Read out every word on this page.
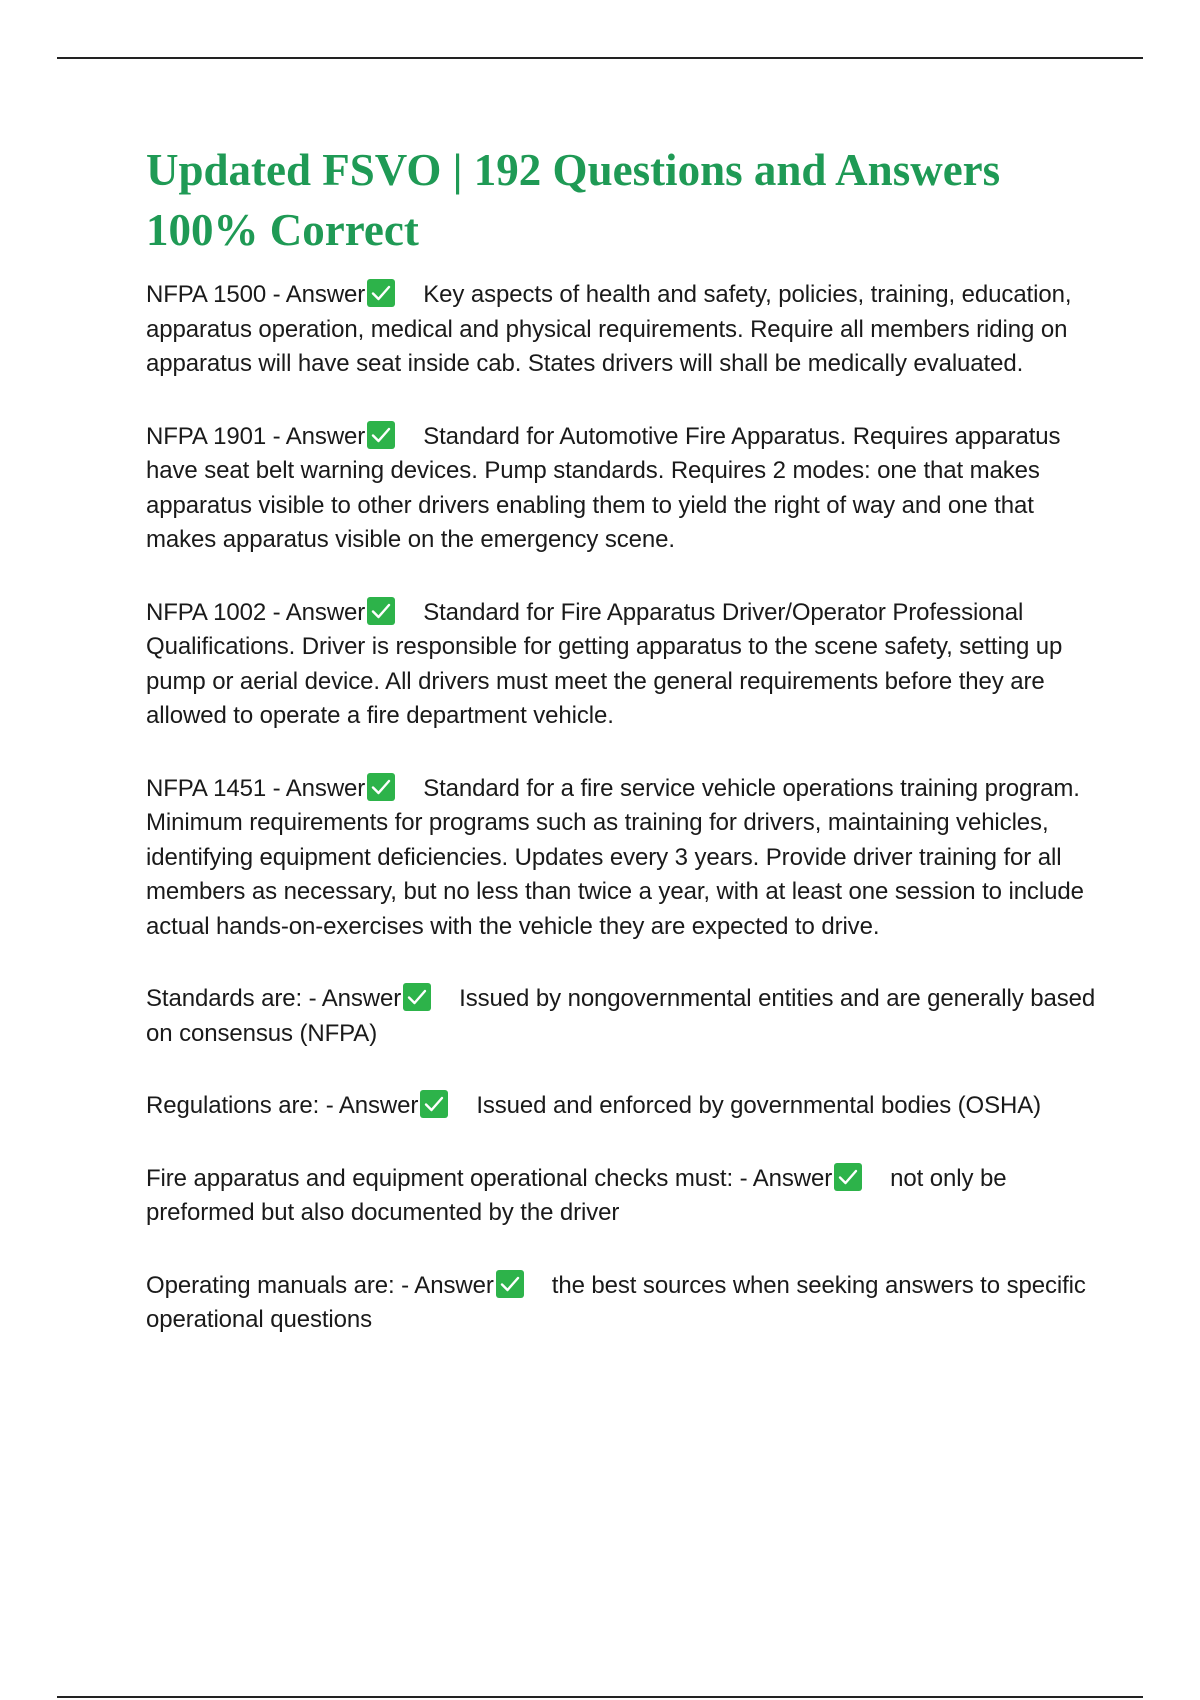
Updated FSVO | 192 Questions and Answers 100% Correct

NFPA 1500 - Answer Key aspects of health and safety, policies, training, education, apparatus operation, medical and physical requirements. Require all members riding on apparatus will have seat inside cab. States drivers will shall be medically evaluated.

NFPA 1901 - Answer Standard for Automotive Fire Apparatus. Requires apparatus have seat belt warning devices. Pump standards. Requires 2 modes: one that makes apparatus visible to other drivers enabling them to yield the right of way and one that makes apparatus visible on the emergency scene.

NFPA 1002 - Answer Standard for Fire Apparatus Driver/Operator Professional Qualifications. Driver is responsible for getting apparatus to the scene safety, setting up pump or aerial device. All drivers must meet the general requirements before they are allowed to operate a fire department vehicle.

NFPA 1451 - Answer Standard for a fire service vehicle operations training program. Minimum requirements for programs such as training for drivers, maintaining vehicles, identifying equipment deficiencies. Updates every 3 years. Provide driver training for all members as necessary, but no less than twice a year, with at least one session to include actual hands-on-exercises with the vehicle they are expected to drive.

Standards are: - Answer Issued by nongovernmental entities and are generally based on consensus (NFPA)

Regulations are: - Answer Issued and enforced by governmental bodies (OSHA)

Fire apparatus and equipment operational checks must: - Answer not only be preformed but also documented by the driver

Operating manuals are: - Answer the best sources when seeking answers to specific operational questions
